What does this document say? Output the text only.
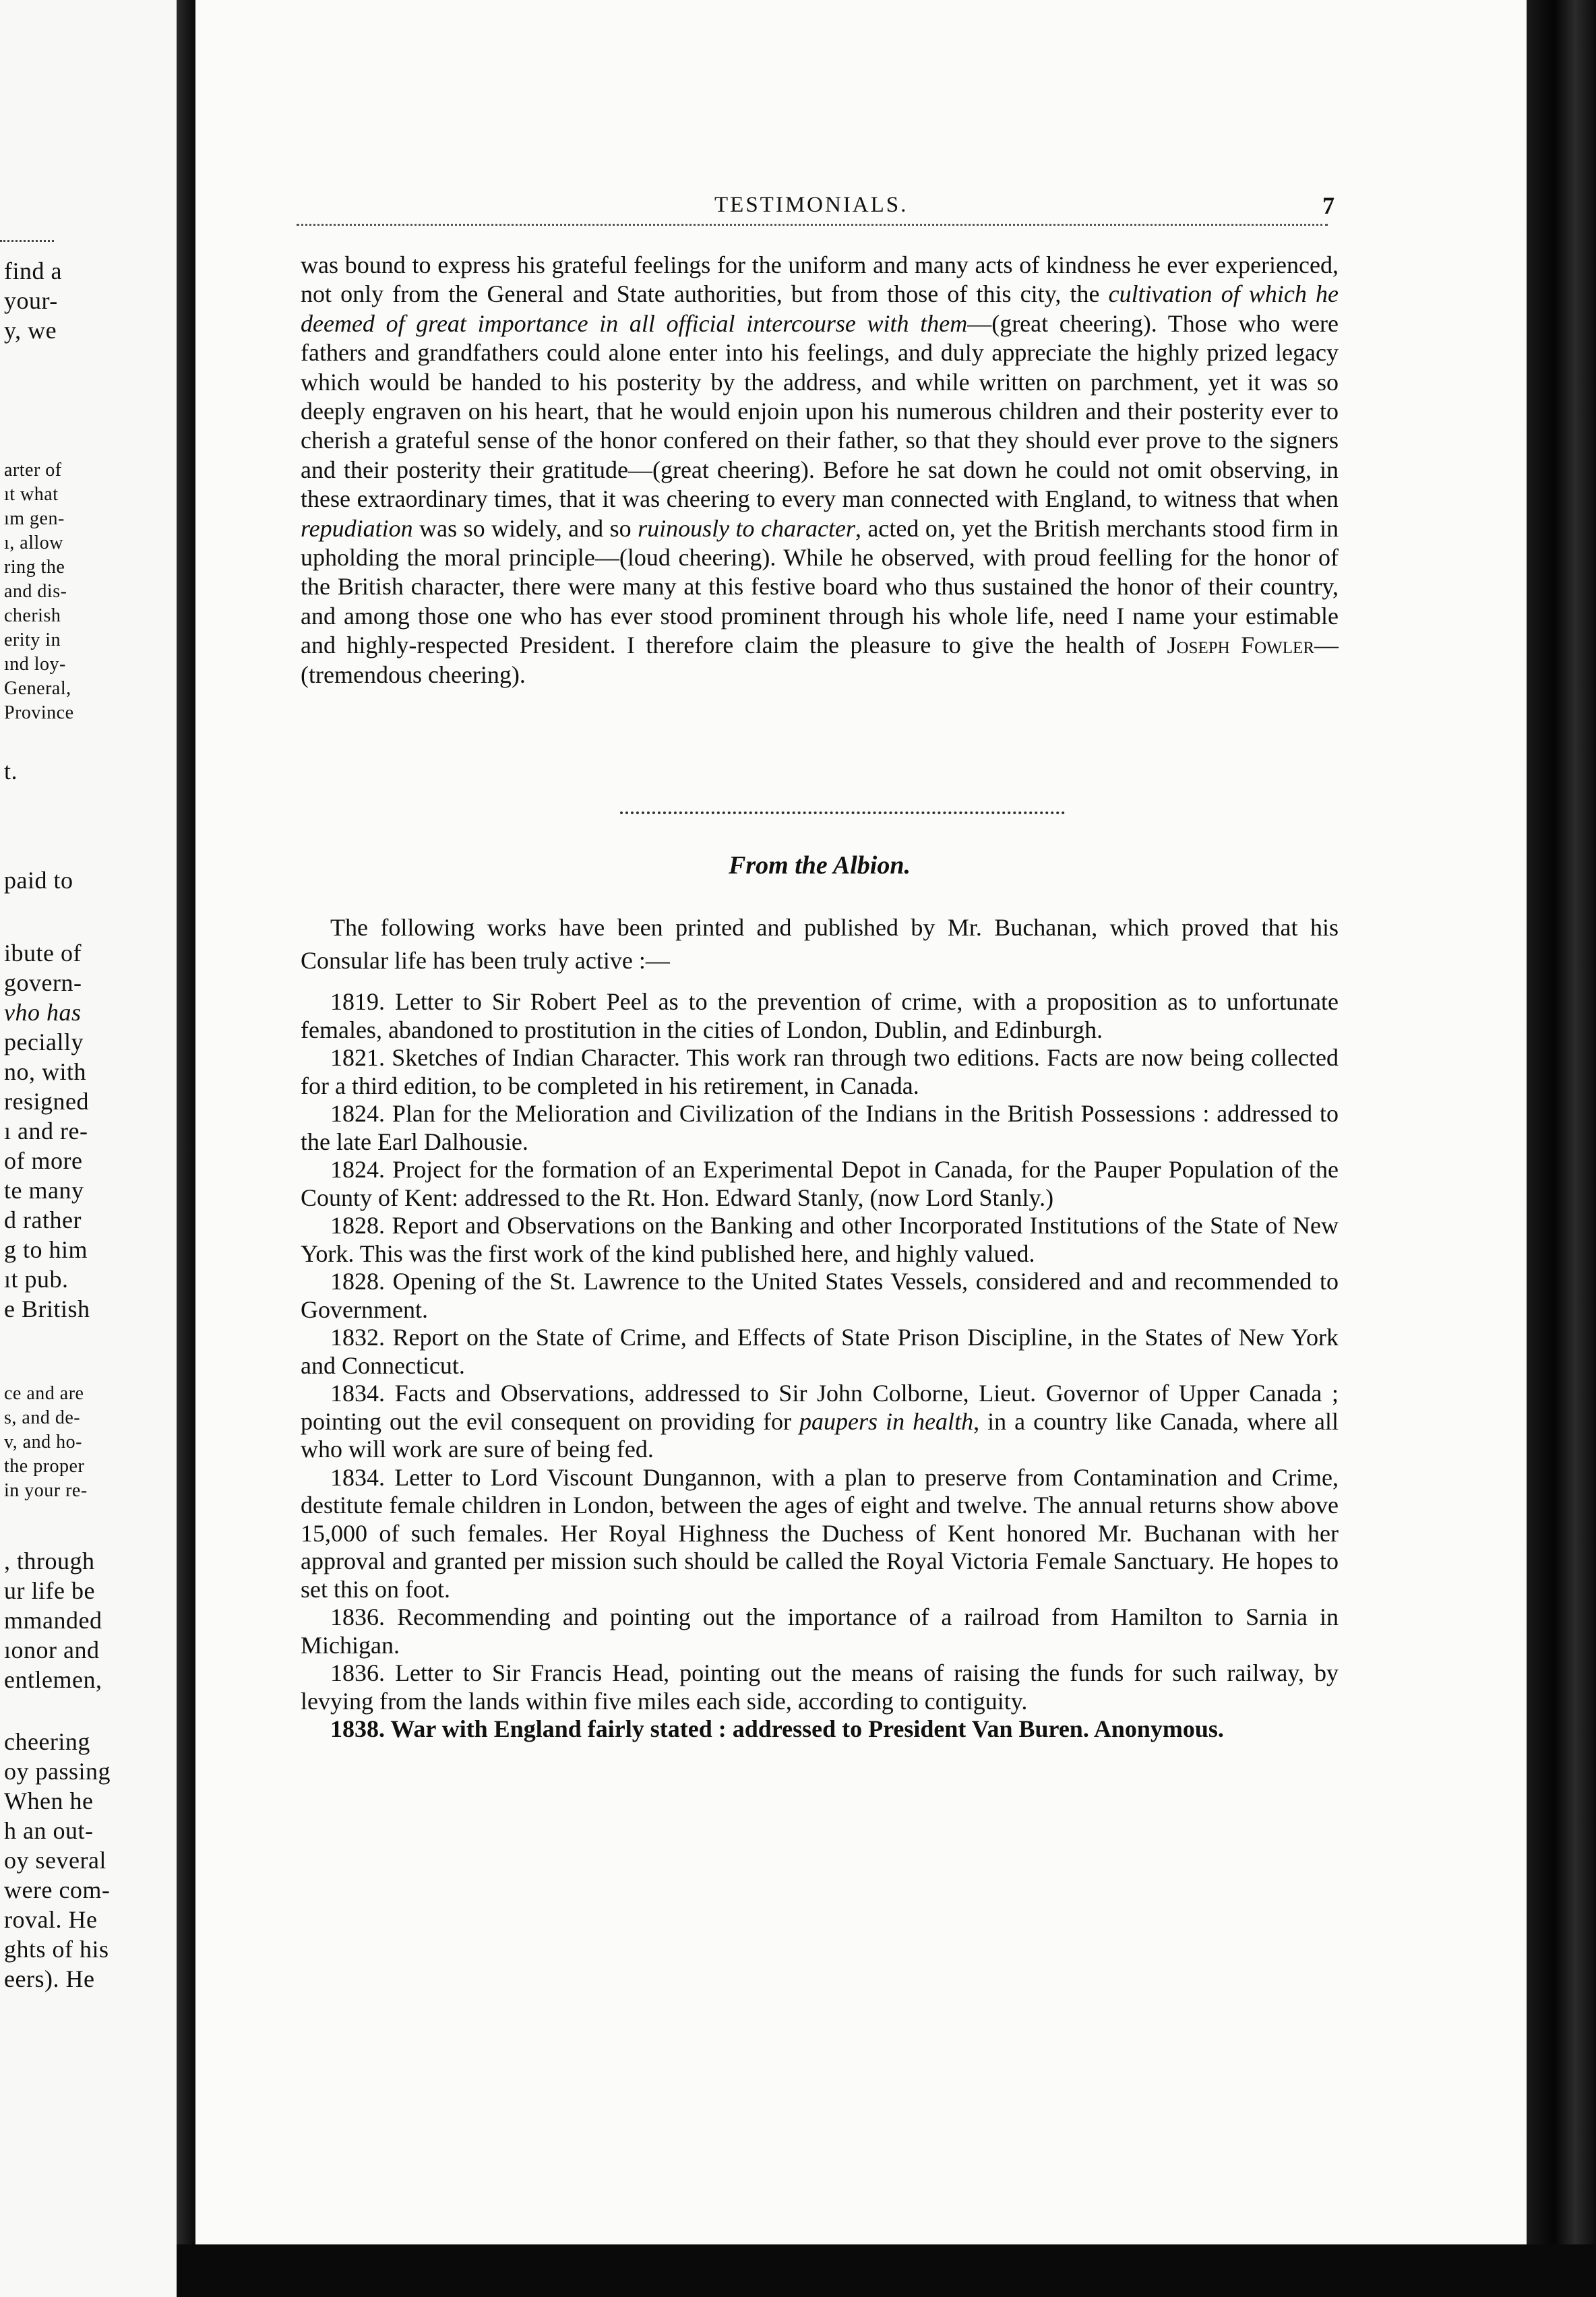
find a
your-
y, we
arter of
ıt what
ım gen-
ı, allow
ring the
and dis-
cherish
erity in
ınd loy-
General,
Province
t.
paid to
ibute of
govern-
vho has
pecially
no, with
resigned
ı and re-
of more
te many
d rather
g to him
ıt pub.
e British
ce and are
s, and de-
v, and ho-
the proper
in your re-
, through
ur life be
mmanded
ıonor and
entlemen,
cheering
oy passing
When he
h an out-
oy several
were com-
roval. He
ghts of his
eers). He
TESTIMONIALS.	7

was bound to express his grateful feelings for the uniform and many acts of kindness he ever experienced, not only from the General and State authorities, but from those of this city, the cultivation of which he deemed of great importance in all official intercourse with them—(great cheering). Those who were fathers and grandfathers could alone enter into his feelings, and duly appreciate the highly prized legacy which would be handed to his posterity by the address, and while written on parchment, yet it was so deeply engraven on his heart, that he would enjoin upon his numerous children and their posterity ever to cherish a grateful sense of the honor confered on their father, so that they should ever prove to the signers and their posterity their gratitude—(great cheering). Before he sat down he could not omit observing, in these extraordinary times, that it was cheering to every man connected with England, to witness that when repudiation was so widely, and so ruinously to character, acted on, yet the British merchants stood firm in upholding the moral principle—(loud cheering). While he observed, with proud feelling for the honor of the British character, there were many at this festive board who thus sustained the honor of their country, and among those one who has ever stood prominent through his whole life, need I name your estimable and highly-respected President. I therefore claim the pleasure to give the health of Joseph Fowler—(tremendous cheering).

From the Albion.

The following works have been printed and published by Mr. Buchanan, which proved that his Consular life has been truly active :—

1819. Letter to Sir Robert Peel as to the prevention of crime, with a proposition as to unfortunate females, abandoned to prostitution in the cities of London, Dublin, and Edinburgh.

1821. Sketches of Indian Character. This work ran through two editions. Facts are now being collected for a third edition, to be completed in his retirement, in Canada.

1824. Plan for the Melioration and Civilization of the Indians in the British Possessions : addressed to the late Earl Dalhousie.

1824. Project for the formation of an Experimental Depot in Canada, for the Pauper Population of the County of Kent: addressed to the Rt. Hon. Edward Stanly, (now Lord Stanly.)

1828. Report and Observations on the Banking and other Incorporated Institutions of the State of New York. This was the first work of the kind published here, and highly valued.

1828. Opening of the St. Lawrence to the United States Vessels, considered and and recommended to Government.

1832. Report on the State of Crime, and Effects of State Prison Discipline, in the States of New York and Connecticut.

1834. Facts and Observations, addressed to Sir John Colborne, Lieut. Governor of Upper Canada ; pointing out the evil consequent on providing for paupers in health, in a country like Canada, where all who will work are sure of being fed.

1834. Letter to Lord Viscount Dungannon, with a plan to preserve from Contamination and Crime, destitute female children in London, between the ages of eight and twelve. The annual returns show above 15,000 of such females. Her Royal Highness the Duchess of Kent honored Mr. Buchanan with her approval and granted per mission such should be called the Royal Victoria Female Sanctuary. He hopes to set this on foot.

1836. Recommending and pointing out the importance of a railroad from Hamilton to Sarnia in Michigan.

1836. Letter to Sir Francis Head, pointing out the means of raising the funds for such railway, by levying from the lands within five miles each side, according to contiguity.

1838. War with England fairly stated : addressed to President Van Buren. Anonymous.
